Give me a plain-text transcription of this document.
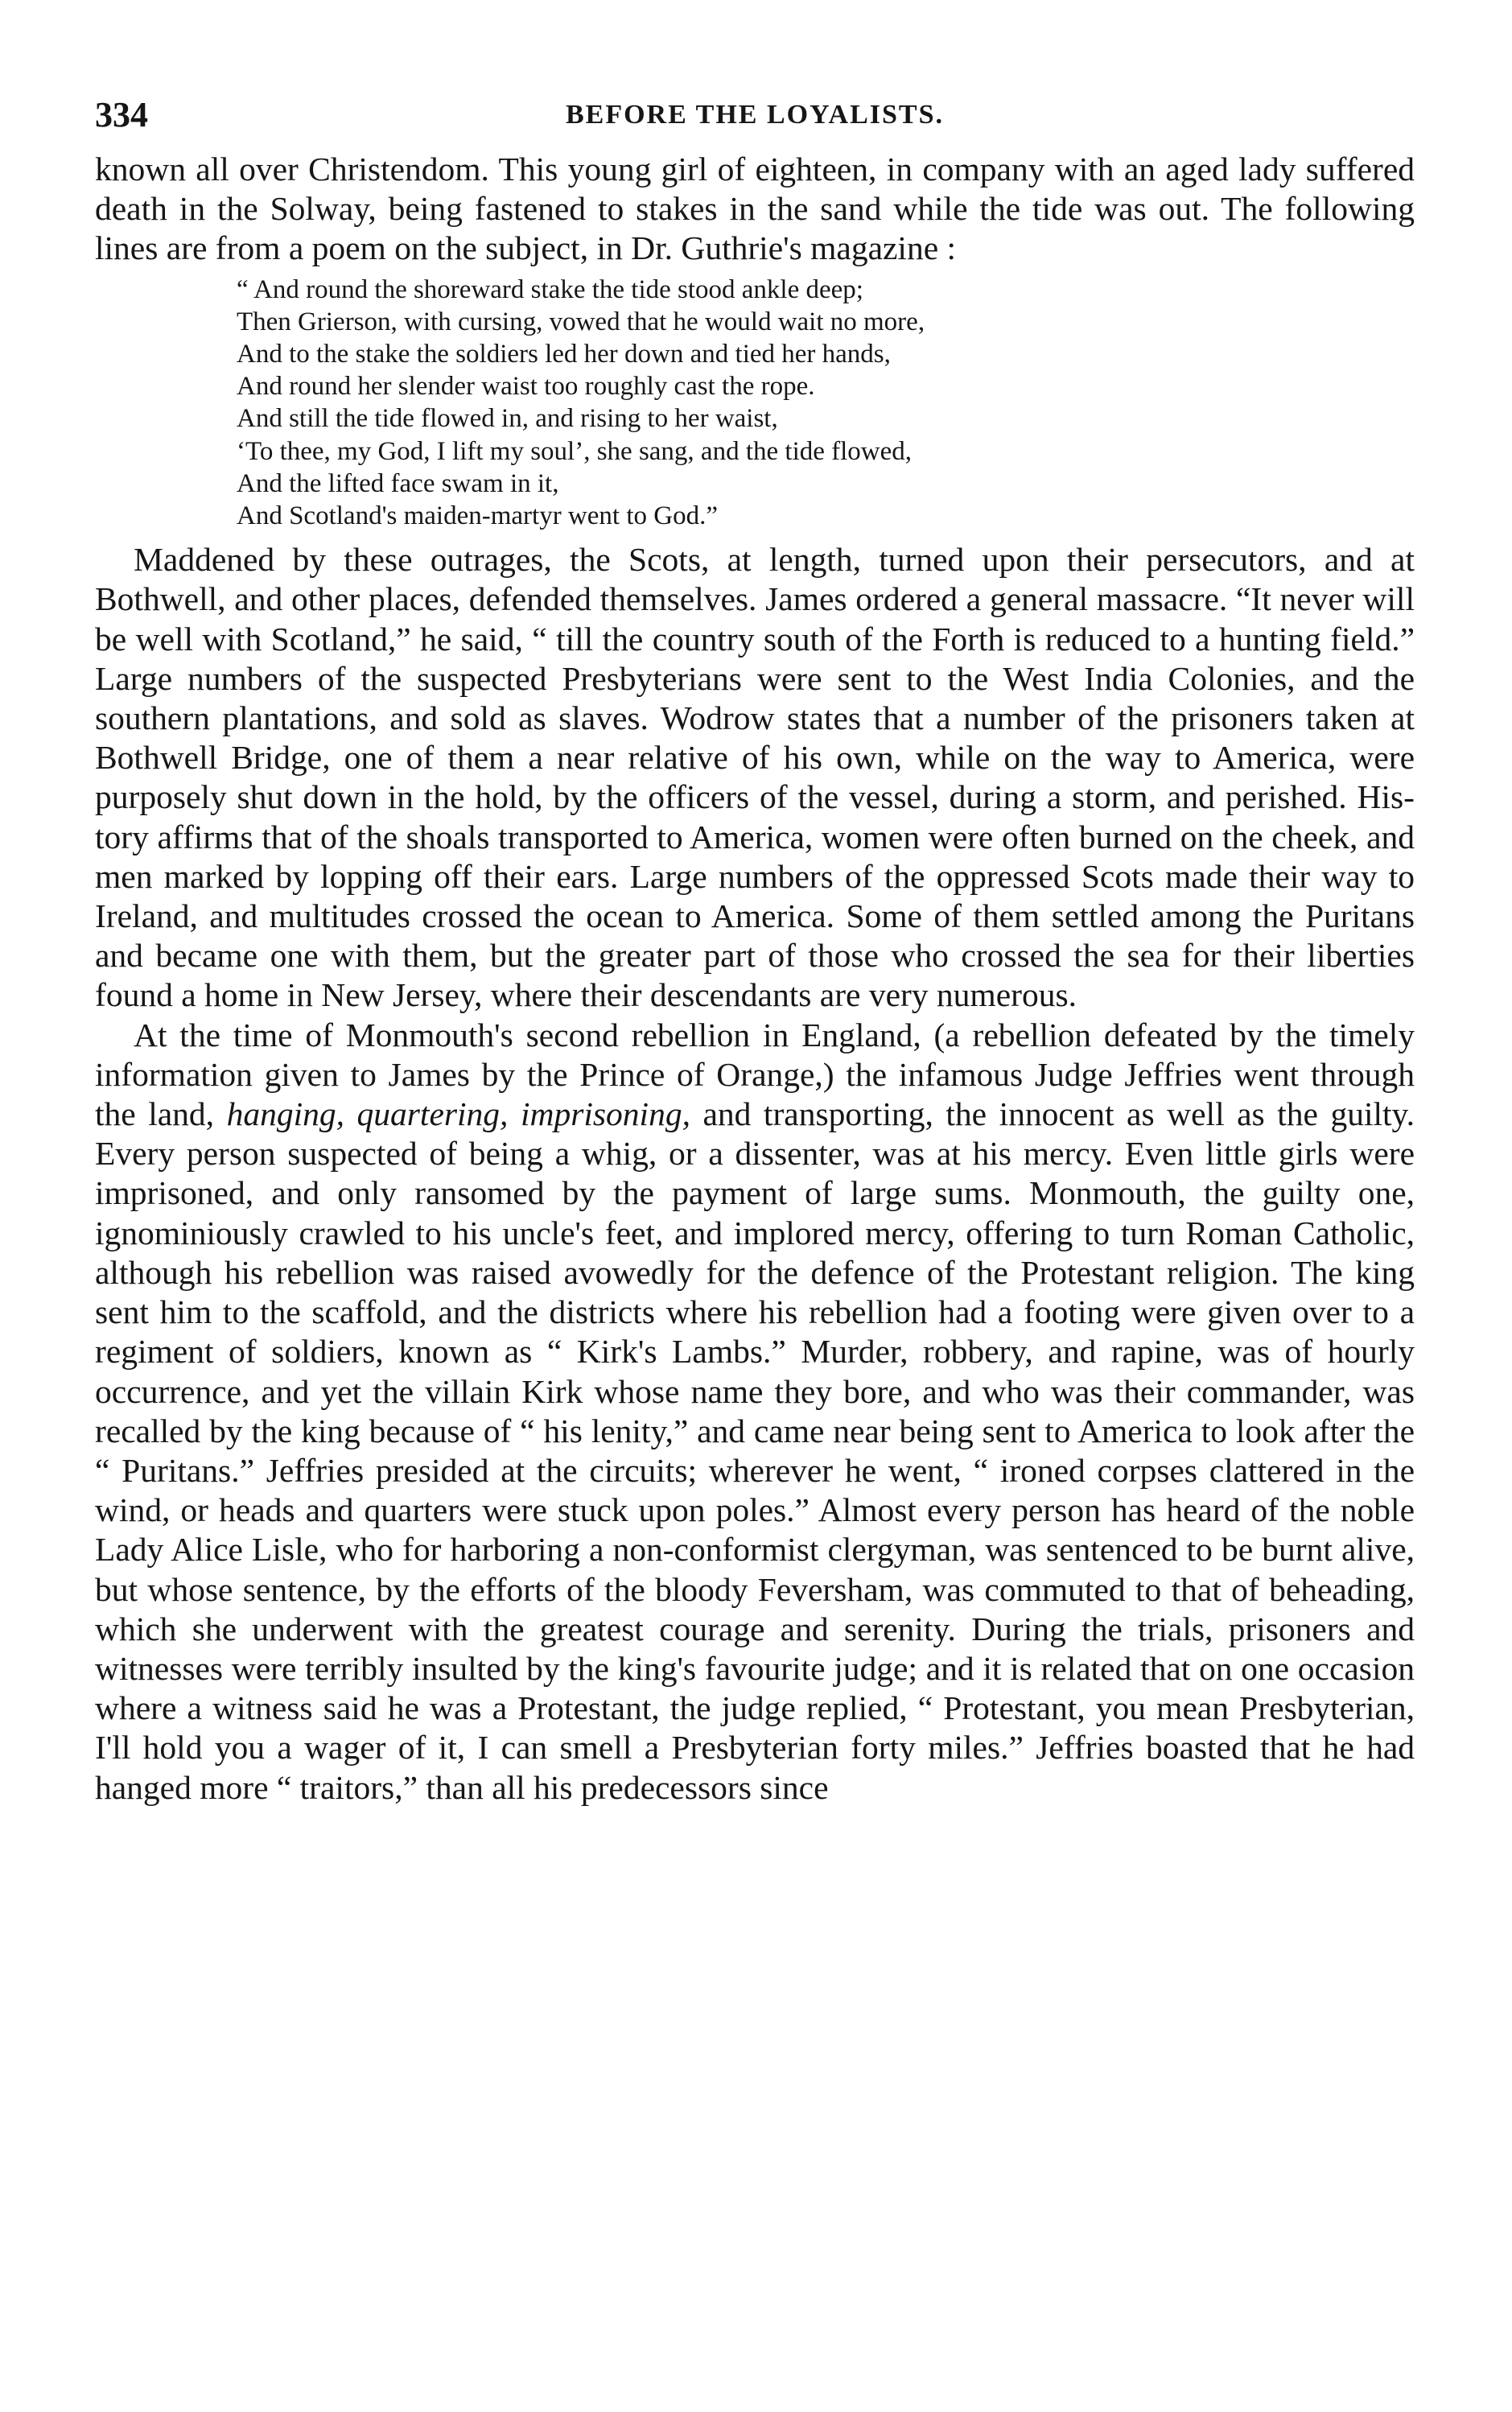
334	BEFORE THE LOYALISTS.

known all over Christendom. This young girl of eighteen, in company with an aged lady suffered death in the Solway, being fastened to stakes in the sand while the tide was out. The following lines are from a poem on the subject, in Dr. Guthrie's magazine :

“ And round the shoreward stake the tide stood ankle deep;
Then Grierson, with cursing, vowed that he would wait no more,
And to the stake the soldiers led her down and tied her hands,
And round her slender waist too roughly cast the rope.
And still the tide flowed in, and rising to her waist,
‘To thee, my God, I lift my soul’, she sang, and the tide flowed,
And the lifted face swam in it,
And Scotland's maiden-martyr went to God.”

Maddened by these outrages, the Scots, at length, turned upon their persecutors, and at Bothwell, and other places, defended themselves. James ordered a general massacre. “It never will be well with Scotland,” he said, “ till the country south of the Forth is reduced to a hunting field.” Large numbers of the suspected Presbyterians were sent to the West India Colonies, and the southern plantations, and sold as slaves. Wodrow states that a number of the prisoners taken at Bothwell Bridge, one of them a near relative of his own, while on the way to America, were purposely shut down in the hold, by the officers of the vessel, during a storm, and perished. History affirms that of the shoals transported to America, women were often burned on the cheek, and men marked by lopping off their ears. Large numbers of the oppressed Scots made their way to Ireland, and multitudes crossed the ocean to America. Some of them settled among the Puritans and became one with them, but the greater part of those who crossed the sea for their liberties found a home in New Jersey, where their descendants are very numerous.

At the time of Monmouth's second rebellion in England, (a rebellion defeated by the timely information given to James by the Prince of Orange,) the infamous Judge Jeffries went through the land, hanging, quartering, imprisoning, and transporting, the innocent as well as the guilty. Every person suspected of being a whig, or a dissenter, was at his mercy. Even little girls were imprisoned, and only ransomed by the payment of large sums. Monmouth, the guilty one, ignominiously crawled to his uncle's feet, and implored mercy, offering to turn Roman Catholic, although his rebellion was raised avowedly for the defence of the Protestant religion. The king sent him to the scaffold, and the districts where his rebellion had a footing were given over to a regiment of soldiers, known as “ Kirk's Lambs.” Murder, robbery, and rapine, was of hourly occurrence, and yet the villain Kirk whose name they bore, and who was their commander, was recalled by the king because of “ his lenity,” and came near being sent to America to look after the “ Puritans.” Jeffries presided at the circuits; wherever he went, “ ironed corpses clattered in the wind, or heads and quarters were stuck upon poles.” Almost every person has heard of the noble Lady Alice Lisle, who for harboring a non-conformist clergyman, was sentenced to be burnt alive, but whose sentence, by the efforts of the bloody Feversham, was commuted to that of beheading, which she underwent with the greatest courage and serenity. During the trials, prisoners and witnesses were terribly insulted by the king's favourite judge; and it is related that on one occasion where a witness said he was a Protestant, the judge replied, “ Protestant, you mean Presbyterian, I'll hold you a wager of it, I can smell a Presbyterian forty miles.” Jeffries boasted that he had hanged more “ traitors,” than all his predecessors since
